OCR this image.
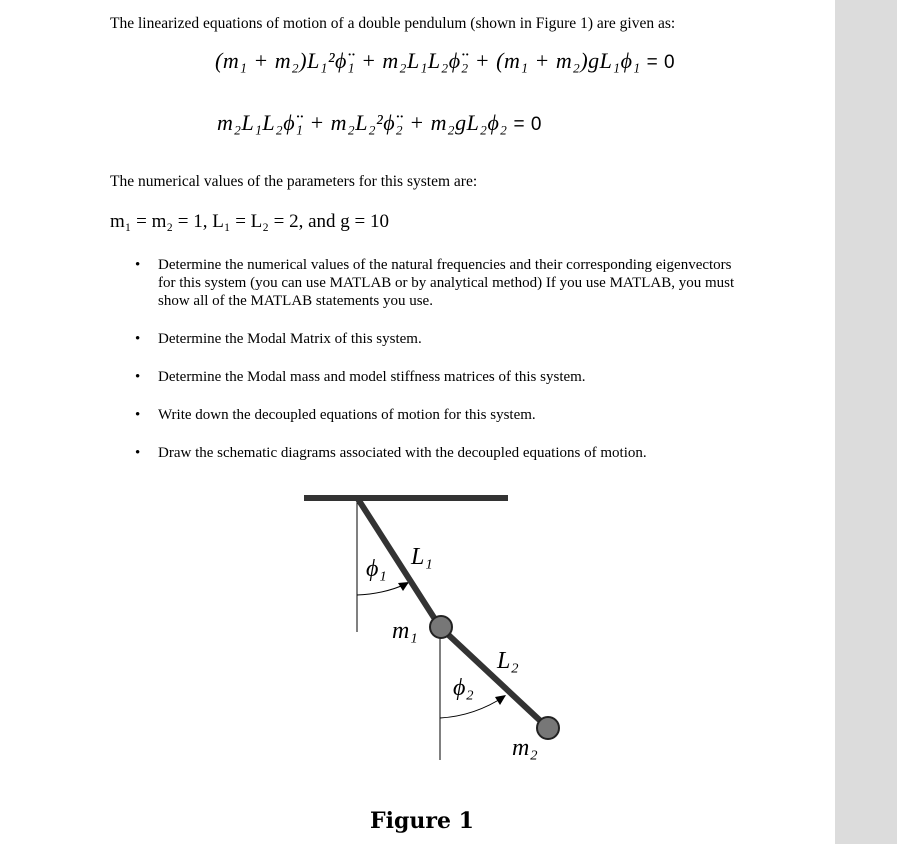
The linearized equations of motion of a double pendulum (shown in Figure 1) are given as:
(m₁ + m₂)L₁²ϕ̈₁ + m₂L₁L₂ϕ̈₂ + (m₁ + m₂)gL₁ϕ₁ = 0
m₂L₁L₂ϕ̈₁ + m₂L₂²ϕ̈₂ + m₂gL₂ϕ₂ = 0
The numerical values of the parameters for this system are:
m₁ = m₂ = 1, L₁ = L₂ = 2, and g = 10
• Determine the numerical values of the natural frequencies and their corresponding eigenvectors for this system (you can use MATLAB or by analytical method) If you use MATLAB, you must show all of the MATLAB statements you use.
• Determine the Modal Matrix of this system.
• Determine the Modal mass and model stiffness matrices of this system.
• Write down the decoupled equations of motion for this system.
• Draw the schematic diagrams associated with the decoupled equations of motion.
ϕ₁ L₁
m₁
L₂
ϕ₂
m₂
Figure 1
